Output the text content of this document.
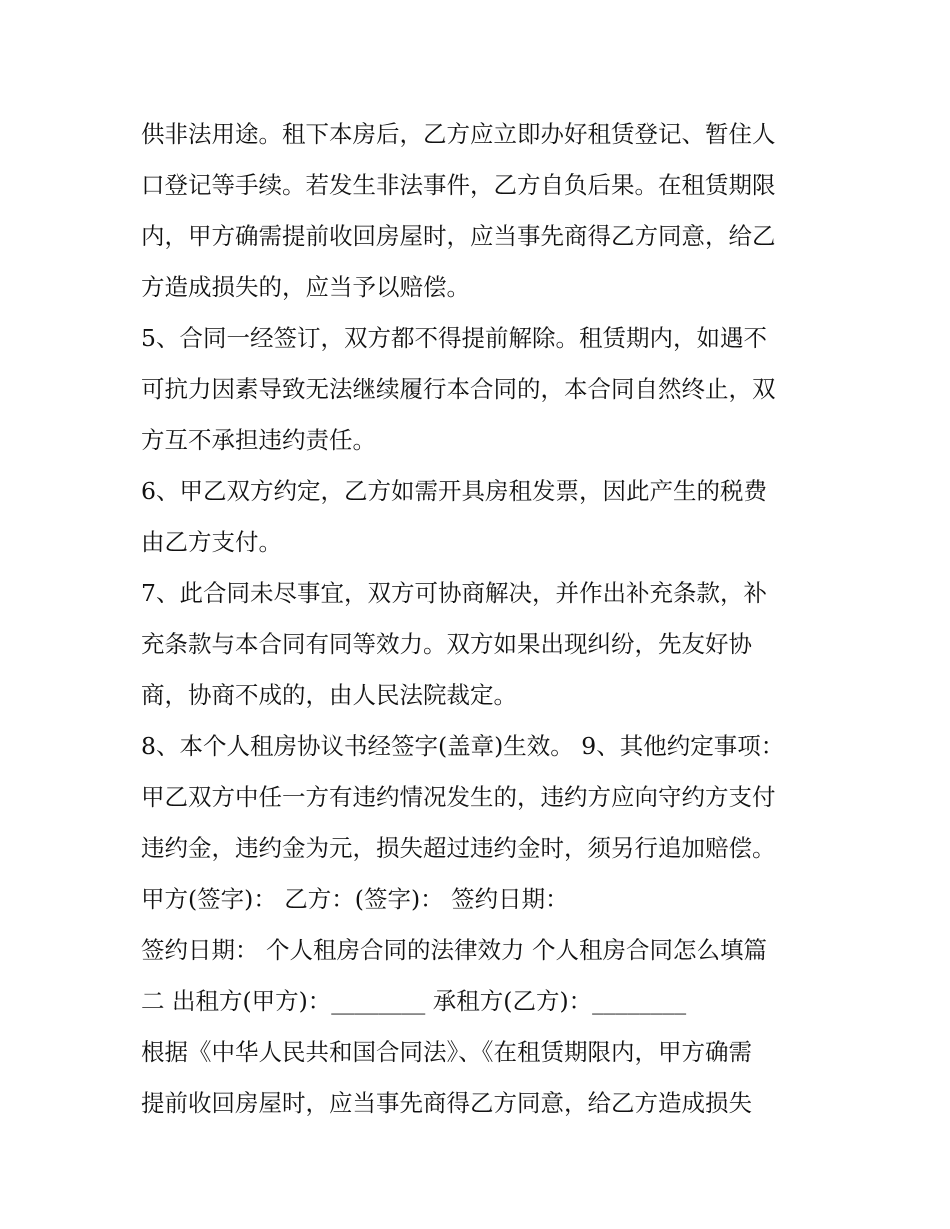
供非法用途。租下本房后，乙方应立即办好租赁登记、暂住人
口登记等手续。若发生非法事件，乙方自负后果。在租赁期限
内，甲方确需提前收回房屋时，应当事先商得乙方同意，给乙
方造成损失的，应当予以赔偿。
5、合同一经签订，双方都不得提前解除。租赁期内，如遇不
可抗力因素导致无法继续履行本合同的，本合同自然终止，双
方互不承担违约责任。
6、甲乙双方约定，乙方如需开具房租发票，因此产生的税费
由乙方支付。
7、此合同未尽事宜，双方可协商解决，并作出补充条款，补
充条款与本合同有同等效力。双方如果出现纠纷，先友好协
商，协商不成的，由人民法院裁定。
8、本个人租房协议书经签字(盖章)生效。 9、其他约定事项：
甲乙双方中任一方有违约情况发生的，违约方应向守约方支付
违约金，违约金为元，损失超过违约金时，须另行追加赔偿。
甲方(签字)： 乙方：(签字)： 签约日期：
签约日期： 个人租房合同的法律效力 个人租房合同怎么填篇
二 出租方(甲方)：________ 承租方(乙方)：________
根据《中华人民共和国合同法》、《在租赁期限内，甲方确需
提前收回房屋时，应当事先商得乙方同意，给乙方造成损失
